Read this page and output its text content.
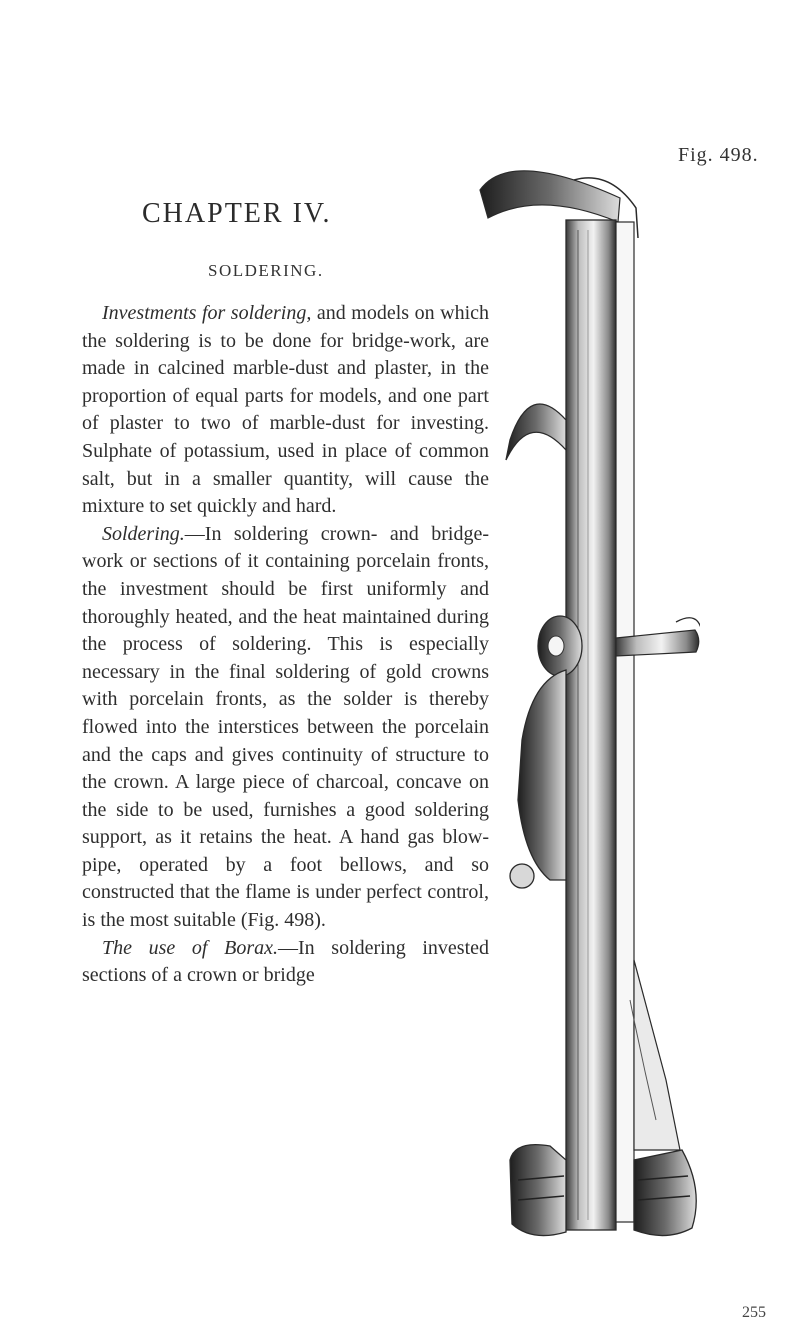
Fig. 498.
CHAPTER IV.
SOLDERING.

Investments for soldering, and models on which the soldering is to be done for bridge-work, are made in calcined marble-dust and plaster, in the proportion of equal parts for models, and one part of plaster to two of marble-dust for investing. Sulphate of potassium, used in place of common salt, but in a smaller quantity, will cause the mixture to set quickly and hard.

Soldering.—In soldering crown- and bridge-work or sections of it containing porcelain fronts, the investment should be first uniformly and thoroughly heated, and the heat maintained during the process of soldering. This is especially necessary in the final soldering of gold crowns with porcelain fronts, as the solder is thereby flowed into the interstices between the porcelain and the caps and gives continuity of structure to the crown. A large piece of charcoal, concave on the side to be used, furnishes a good soldering support, as it retains the heat. A hand gas blow-pipe, operated by a foot bellows, and so constructed that the flame is under perfect control, is the most suitable (Fig. 498).

The use of Borax.—In soldering invested sections of a crown or bridge

255
